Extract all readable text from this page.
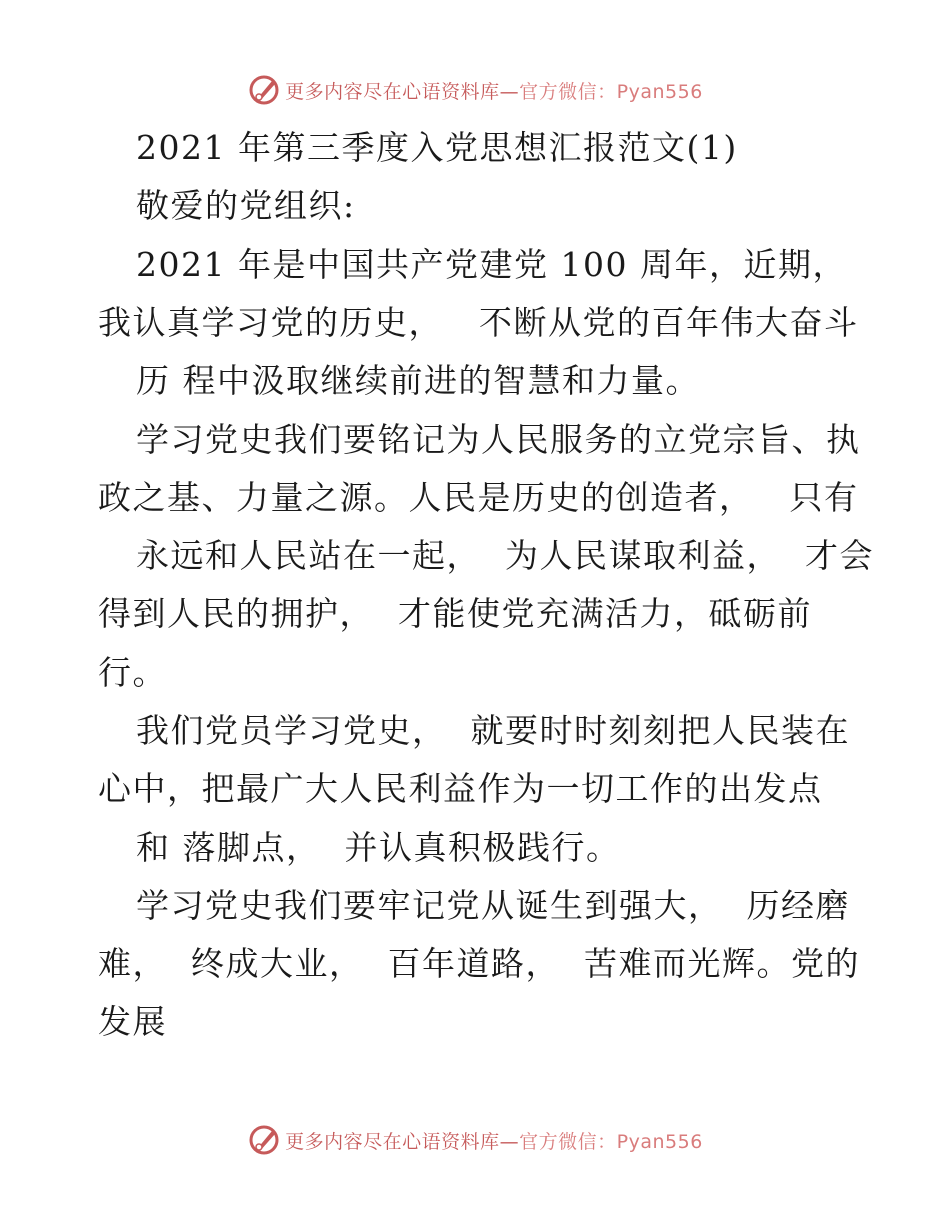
更多内容尽在心语资料库— 官方微信：Pyan556
2021 年第三季度入党思想汇报范文(1)
敬爱的党组织:
2021 年是中国共产党建党 100 周年，近期，
我认真学习党的历史，   不断从党的百年伟大奋斗
历 程中汲取继续前进的智慧和力量。
学习党史我们要铭记为人民服务的立党宗旨、执
政之基、力量之源。人民是历史的创造者，   只有
永远和人民站在一起，  为人民谋取利益，  才会
得到人民的拥护，  才能使党充满活力，砥砺前
行。
我们党员学习党史，  就要时时刻刻把人民装在
心中，把最广大人民利益作为一切工作的出发点
和 落脚点，  并认真积极践行。
学习党史我们要牢记党从诞生到强大，  历经磨
难，  终成大业，  百年道路，  苦难而光辉。党的
发展
更多内容尽在心语资料库— 官方微信：Pyan556
